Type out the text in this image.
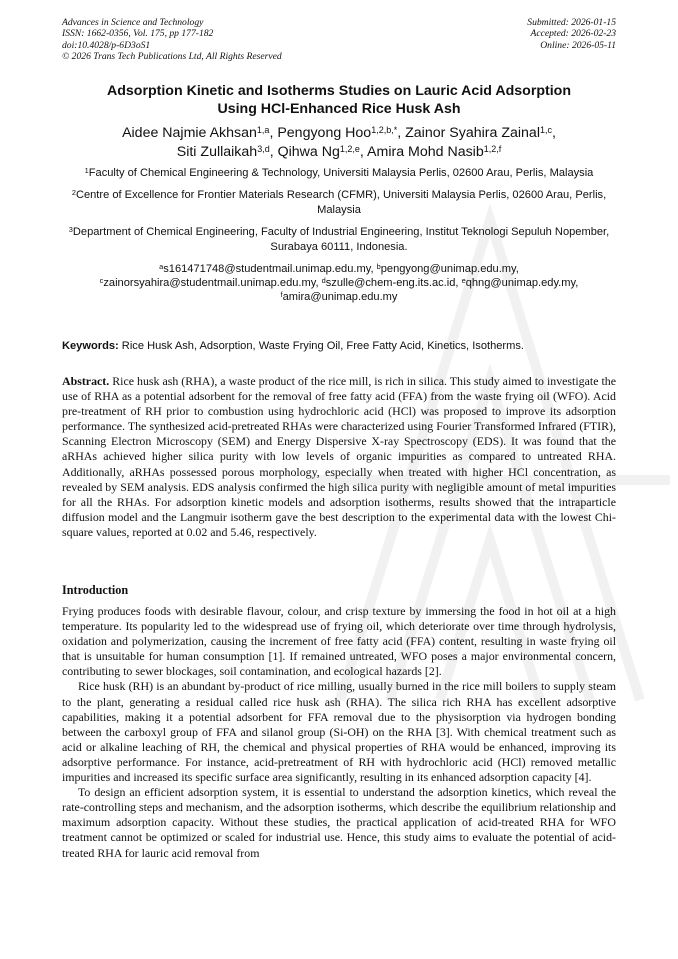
Advances in Science and Technology
ISSN: 1662-0356, Vol. 175, pp 177-182
doi:10.4028/p-6D3oS1
© 2026 Trans Tech Publications Ltd, All Rights Reserved
Submitted: 2026-01-15
Accepted: 2026-02-23
Online: 2026-05-11
Adsorption Kinetic and Isotherms Studies on Lauric Acid Adsorption
Using HCl-Enhanced Rice Husk Ash
Aidee Najmie Akhsan$^{1,a}$, Pengyong Hoo$^{1,2,b,*}$, Zainor Syahira Zainal$^{1,c}$,
Siti Zullaikah$^{3,d}$, Qihwa Ng$^{1,2,e}$, Amira Mohd Nasib$^{1,2,f}$
$^1$Faculty of Chemical Engineering & Technology, Universiti Malaysia Perlis, 02600 Arau, Perlis, Malaysia
$^2$Centre of Excellence for Frontier Materials Research (CFMR), Universiti Malaysia Perlis, 02600 Arau, Perlis, Malaysia
$^3$Department of Chemical Engineering, Faculty of Industrial Engineering, Institut Teknologi Sepuluh Nopember, Surabaya 60111, Indonesia.
$^a$s161471748@studentmail.unimap.edu.my, $^b$pengyong@unimap.edu.my,
$^c$zainorsyahira@studentmail.unimap.edu.my, $^d$szulle@chem-eng.its.ac.id, $^e$qhng@unimap.edy.my,
$^f$amira@unimap.edu.my
Keywords: Rice Husk Ash, Adsorption, Waste Frying Oil, Free Fatty Acid, Kinetics, Isotherms.
Abstract. Rice husk ash (RHA), a waste product of the rice mill, is rich in silica. This study aimed to investigate the use of RHA as a potential adsorbent for the removal of free fatty acid (FFA) from the waste frying oil (WFO). Acid pre-treatment of RH prior to combustion using hydrochloric acid (HCl) was proposed to improve its adsorption performance. The synthesized acid-pretreated RHAs were characterized using Fourier Transformed Infrared (FTIR), Scanning Electron Microscopy (SEM) and Energy Dispersive X-ray Spectroscopy (EDS). It was found that the aRHAs achieved higher silica purity with low levels of organic impurities as compared to untreated RHA. Additionally, aRHAs possessed porous morphology, especially when treated with higher HCl concentration, as revealed by SEM analysis. EDS analysis confirmed the high silica purity with negligible amount of metal impurities for all the RHAs. For adsorption kinetic models and adsorption isotherms, results showed that the intraparticle diffusion model and the Langmuir isotherm gave the best description to the experimental data with the lowest Chi-square values, reported at 0.02 and 5.46, respectively.
Introduction

Frying produces foods with desirable flavour, colour, and crisp texture by immersing the food in hot oil at a high temperature. Its popularity led to the widespread use of frying oil, which deteriorate over time through hydrolysis, oxidation and polymerization, causing the increment of free fatty acid (FFA) content, resulting in waste frying oil that is unsuitable for human consumption [1]. If remained untreated, WFO poses a major environmental concern, contributing to sewer blockages, soil contamination, and ecological hazards [2].

Rice husk (RH) is an abundant by-product of rice milling, usually burned in the rice mill boilers to supply steam to the plant, generating a residual called rice husk ash (RHA). The silica rich RHA has excellent adsorptive capabilities, making it a potential adsorbent for FFA removal due to the physisorption via hydrogen bonding between the carboxyl group of FFA and silanol group (Si-OH) on the RHA [3]. With chemical treatment such as acid or alkaline leaching of RH, the chemical and physical properties of RHA would be enhanced, improving its adsorptive performance. For instance, acid-pretreatment of RH with hydrochloric acid (HCl) removed metallic impurities and increased its specific surface area significantly, resulting in its enhanced adsorption capacity [4].

To design an efficient adsorption system, it is essential to understand the adsorption kinetics, which reveal the rate-controlling steps and mechanism, and the adsorption isotherms, which describe the equilibrium relationship and maximum adsorption capacity. Without these studies, the practical application of acid-treated RHA for WFO treatment cannot be optimized or scaled for industrial use. Hence, this study aims to evaluate the potential of acid-treated RHA for lauric acid removal from
